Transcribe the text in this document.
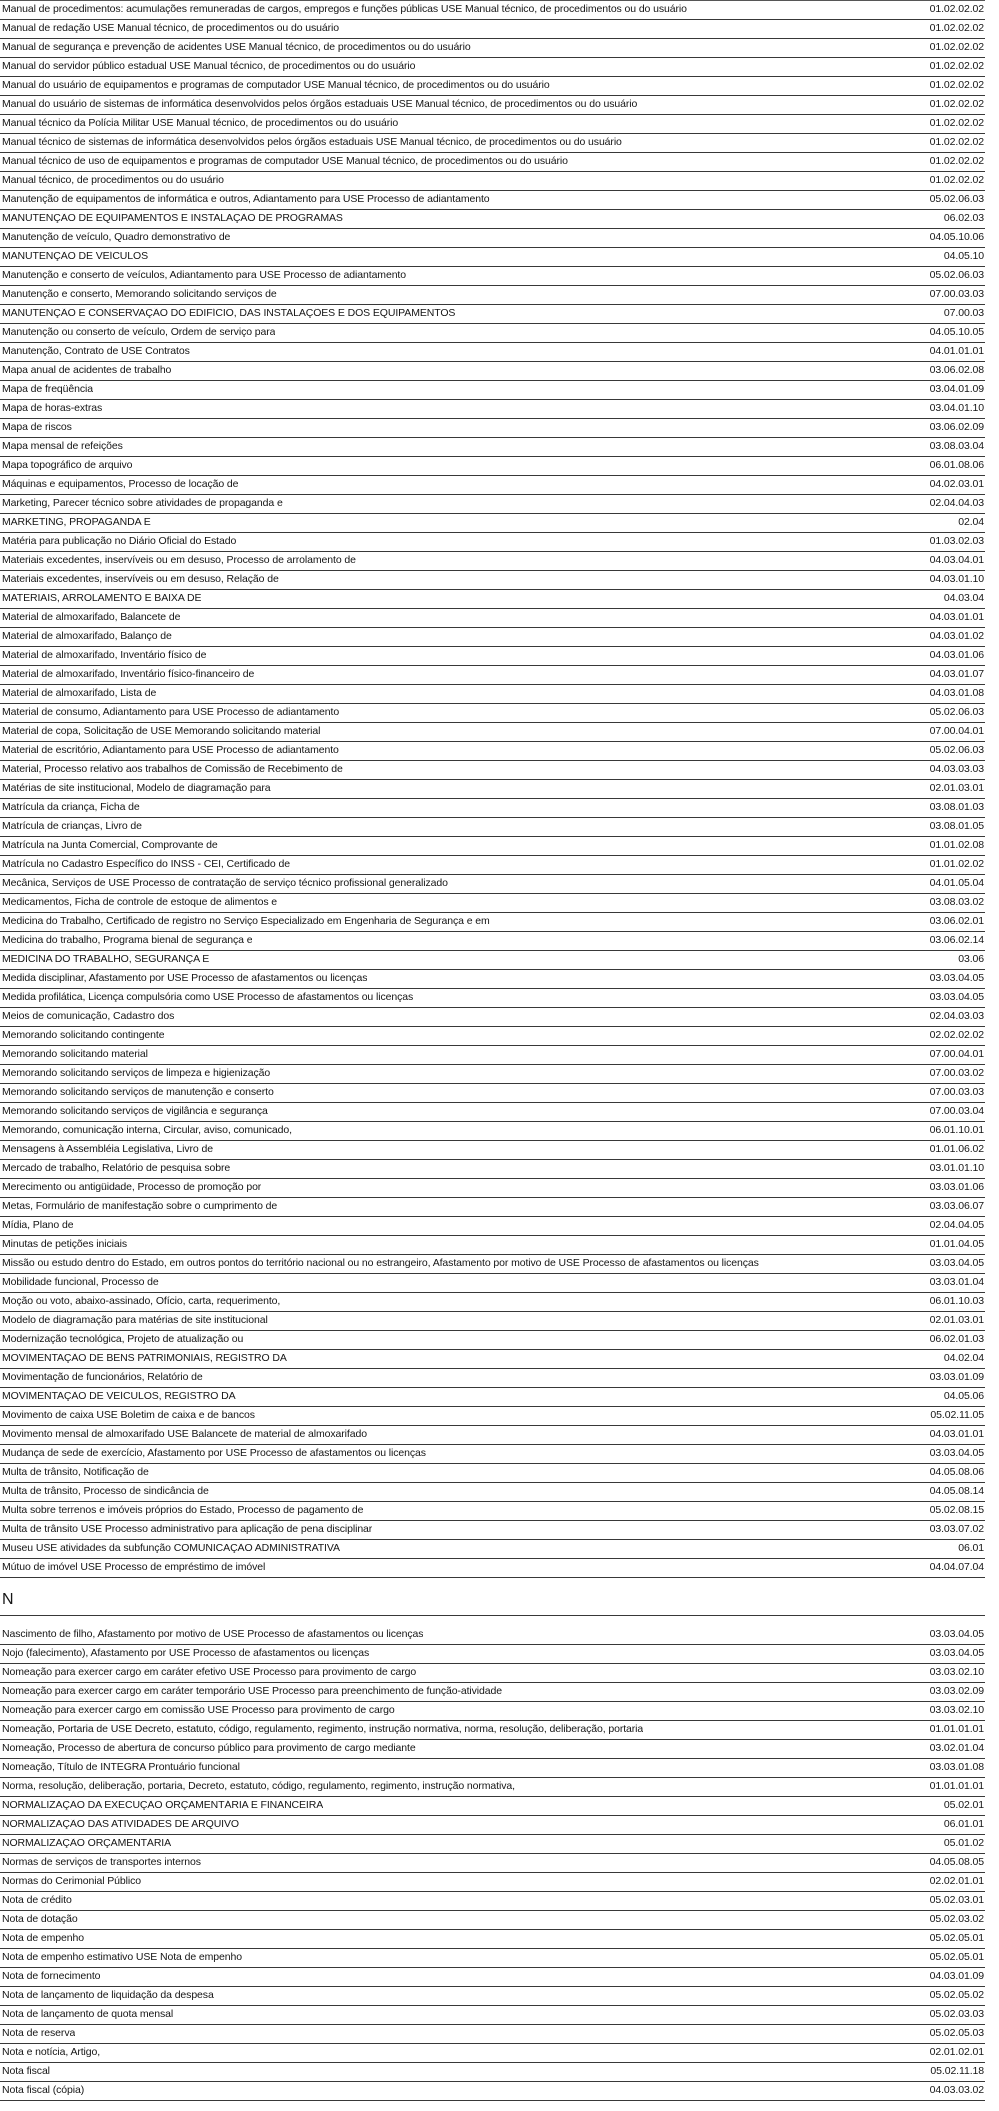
Manual de procedimentos: acumulações remuneradas de cargos, empregos e funções públicas USE Manual técnico, de procedimentos ou do usuário	01.02.02.02
Manual de redação USE Manual técnico, de procedimentos ou do usuário	01.02.02.02
Manual de segurança e prevenção de acidentes USE Manual técnico, de procedimentos ou do usuário	01.02.02.02
Manual do servidor público estadual USE Manual técnico, de procedimentos ou do usuário	01.02.02.02
Manual do usuário de equipamentos e programas de computador USE Manual técnico, de procedimentos ou do usuário	01.02.02.02
Manual do usuário de sistemas de informática desenvolvidos pelos órgãos estaduais USE Manual técnico, de procedimentos ou do usuário	01.02.02.02
Manual técnico da Polícia Militar USE Manual técnico, de procedimentos ou do usuário	01.02.02.02
Manual técnico de sistemas de informática desenvolvidos pelos órgãos estaduais USE Manual técnico, de procedimentos ou do usuário	01.02.02.02
Manual técnico de uso de equipamentos e programas de computador USE Manual técnico, de procedimentos ou do usuário	01.02.02.02
Manual técnico, de procedimentos ou do usuário	01.02.02.02
Manutenção de equipamentos de informática e outros, Adiantamento para USE Processo de adiantamento	05.02.06.03
MANUTENÇÃO DE EQUIPAMENTOS E INSTALAÇÃO DE PROGRAMAS	06.02.03
Manutenção de veículo, Quadro demonstrativo de	04.05.10.06
MANUTENÇÃO DE VEÍCULOS	04.05.10
Manutenção e conserto de veículos, Adiantamento para USE Processo de adiantamento	05.02.06.03
Manutenção e conserto, Memorando solicitando serviços de	07.00.03.03
MANUTENÇÃO E CONSERVAÇÃO DO EDIFÍCIO, DAS INSTALAÇÕES E DOS EQUIPAMENTOS	07.00.03
Manutenção ou conserto de veículo, Ordem de serviço para	04.05.10.05
Manutenção, Contrato de USE Contratos	04.01.01.01
Mapa anual de acidentes de trabalho	03.06.02.08
Mapa de freqüência	03.04.01.09
Mapa de horas-extras	03.04.01.10
Mapa de riscos	03.06.02.09
Mapa mensal de refeições	03.08.03.04
Mapa topográfico de arquivo	06.01.08.06
Máquinas e equipamentos, Processo de locação de	04.02.03.01
Marketing, Parecer técnico sobre atividades de propaganda e	02.04.04.03
MARKETING, PROPAGANDA E	02.04
Matéria para publicação no Diário Oficial do Estado	01.03.02.03
Materiais excedentes, inservíveis ou em desuso, Processo de arrolamento de	04.03.04.01
Materiais excedentes, inservíveis ou em desuso, Relação de	04.03.01.10
MATERIAIS, ARROLAMENTO E BAIXA DE	04.03.04
Material de almoxarifado, Balancete de	04.03.01.01
Material de almoxarifado, Balanço de	04.03.01.02
Material de almoxarifado, Inventário físico de	04.03.01.06
Material de almoxarifado, Inventário físico-financeiro de	04.03.01.07
Material de almoxarifado, Lista de	04.03.01.08
Material de consumo, Adiantamento para USE Processo de adiantamento	05.02.06.03
Material de copa, Solicitação de USE Memorando solicitando material	07.00.04.01
Material de escritório, Adiantamento para USE Processo de adiantamento	05.02.06.03
Material, Processo relativo aos trabalhos de Comissão de Recebimento de	04.03.03.03
Matérias de site institucional, Modelo de diagramação para	02.01.03.01
Matrícula da criança, Ficha de	03.08.01.03
Matrícula de crianças, Livro de	03.08.01.05
Matrícula na Junta Comercial, Comprovante de	01.01.02.08
Matrícula no Cadastro Específico do INSS - CEI, Certificado de	01.01.02.02
Mecânica, Serviços de USE Processo de contratação de serviço técnico profissional generalizado	04.01.05.04
Medicamentos, Ficha de controle de estoque de alimentos e	03.08.03.02
Medicina do Trabalho, Certificado de registro no Serviço Especializado em Engenharia de Segurança e em	03.06.02.01
Medicina do trabalho, Programa bienal de segurança e	03.06.02.14
MEDICINA DO TRABALHO, SEGURANÇA E	03.06
Medida disciplinar, Afastamento por USE Processo de afastamentos ou licenças	03.03.04.05
Medida profilática, Licença compulsória como USE Processo de afastamentos ou licenças	03.03.04.05
Meios de comunicação, Cadastro dos	02.04.03.03
Memorando solicitando contingente	02.02.02.02
Memorando solicitando material	07.00.04.01
Memorando solicitando serviços de limpeza e higienização	07.00.03.02
Memorando solicitando serviços de manutenção e conserto	07.00.03.03
Memorando solicitando serviços de vigilância e segurança	07.00.03.04
Memorando, comunicação interna, Circular, aviso, comunicado,	06.01.10.01
Mensagens à Assembléia Legislativa, Livro de	01.01.06.02
Mercado de trabalho, Relatório de pesquisa sobre	03.01.01.10
Merecimento ou antigüidade, Processo de promoção por	03.03.01.06
Metas, Formulário de manifestação sobre o cumprimento de	03.03.06.07
Mídia, Plano de	02.04.04.05
Minutas de petições iniciais	01.01.04.05
Missão ou estudo dentro do Estado, em outros pontos do território nacional ou no estrangeiro, Afastamento por motivo de USE Processo de afastamentos ou licenças	03.03.04.05
Mobilidade funcional, Processo de	03.03.01.04
Moção ou voto, abaixo-assinado, Ofício, carta, requerimento,	06.01.10.03
Modelo de diagramação para matérias de site institucional	02.01.03.01
Modernização tecnológica, Projeto de atualização ou	06.02.01.03
MOVIMENTAÇÃO DE BENS PATRIMONIAIS, REGISTRO DA	04.02.04
Movimentação de funcionários, Relatório de	03.03.01.09
MOVIMENTAÇÃO DE VEÍCULOS, REGISTRO DA	04.05.06
Movimento de caixa USE Boletim de caixa e de bancos	05.02.11.05
Movimento mensal de almoxarifado USE Balancete de material de almoxarifado	04.03.01.01
Mudança de sede de exercício, Afastamento por USE Processo de afastamentos ou licenças	03.03.04.05
Multa de trânsito, Notificação de	04.05.08.06
Multa de trânsito, Processo de sindicância de	04.05.08.14
Multa sobre terrenos e imóveis próprios do Estado, Processo de pagamento de	05.02.08.15
Multa de trânsito USE Processo administrativo para aplicação de pena disciplinar	03.03.07.02
Museu USE atividades da subfunção COMUNICAÇÃO ADMINISTRATIVA	06.01
Mútuo de imóvel USE Processo de empréstimo de imóvel	04.04.07.04
N
Nascimento de filho, Afastamento por motivo de USE Processo de afastamentos ou licenças	03.03.04.05
Nojo (falecimento), Afastamento por USE Processo de afastamentos ou licenças	03.03.04.05
Nomeação para exercer cargo em caráter efetivo USE Processo para provimento de cargo	03.03.02.10
Nomeação para exercer cargo em caráter temporário USE Processo para preenchimento de função-atividade	03.03.02.09
Nomeação para exercer cargo em comissão USE Processo para provimento de cargo	03.03.02.10
Nomeação, Portaria de USE Decreto, estatuto, código, regulamento, regimento, instrução normativa, norma, resolução, deliberação, portaria	01.01.01.01
Nomeação, Processo de abertura de concurso público para provimento de cargo mediante	03.02.01.04
Nomeação, Título de INTEGRA Prontuário funcional	03.03.01.08
Norma, resolução, deliberação, portaria, Decreto, estatuto, código, regulamento, regimento, instrução normativa,	01.01.01.01
NORMALIZAÇÃO DA EXECUÇÃO ORÇAMENTÁRIA E FINANCEIRA	05.02.01
NORMALIZAÇÃO DAS ATIVIDADES DE ARQUIVO	06.01.01
NORMALIZAÇÃO ORÇAMENTÁRIA	05.01.02
Normas de serviços de transportes internos	04.05.08.05
Normas do Cerimonial Público	02.02.01.01
Nota de crédito	05.02.03.01
Nota de dotação	05.02.03.02
Nota de empenho	05.02.05.01
Nota de empenho estimativo USE Nota de empenho	05.02.05.01
Nota de fornecimento	04.03.01.09
Nota de lançamento de liquidação da despesa	05.02.05.02
Nota de lançamento de quota mensal	05.02.03.03
Nota de reserva	05.02.05.03
Nota e notícia, Artigo,	02.01.02.01
Nota fiscal	05.02.11.18
Nota fiscal (cópia)	04.03.03.02
